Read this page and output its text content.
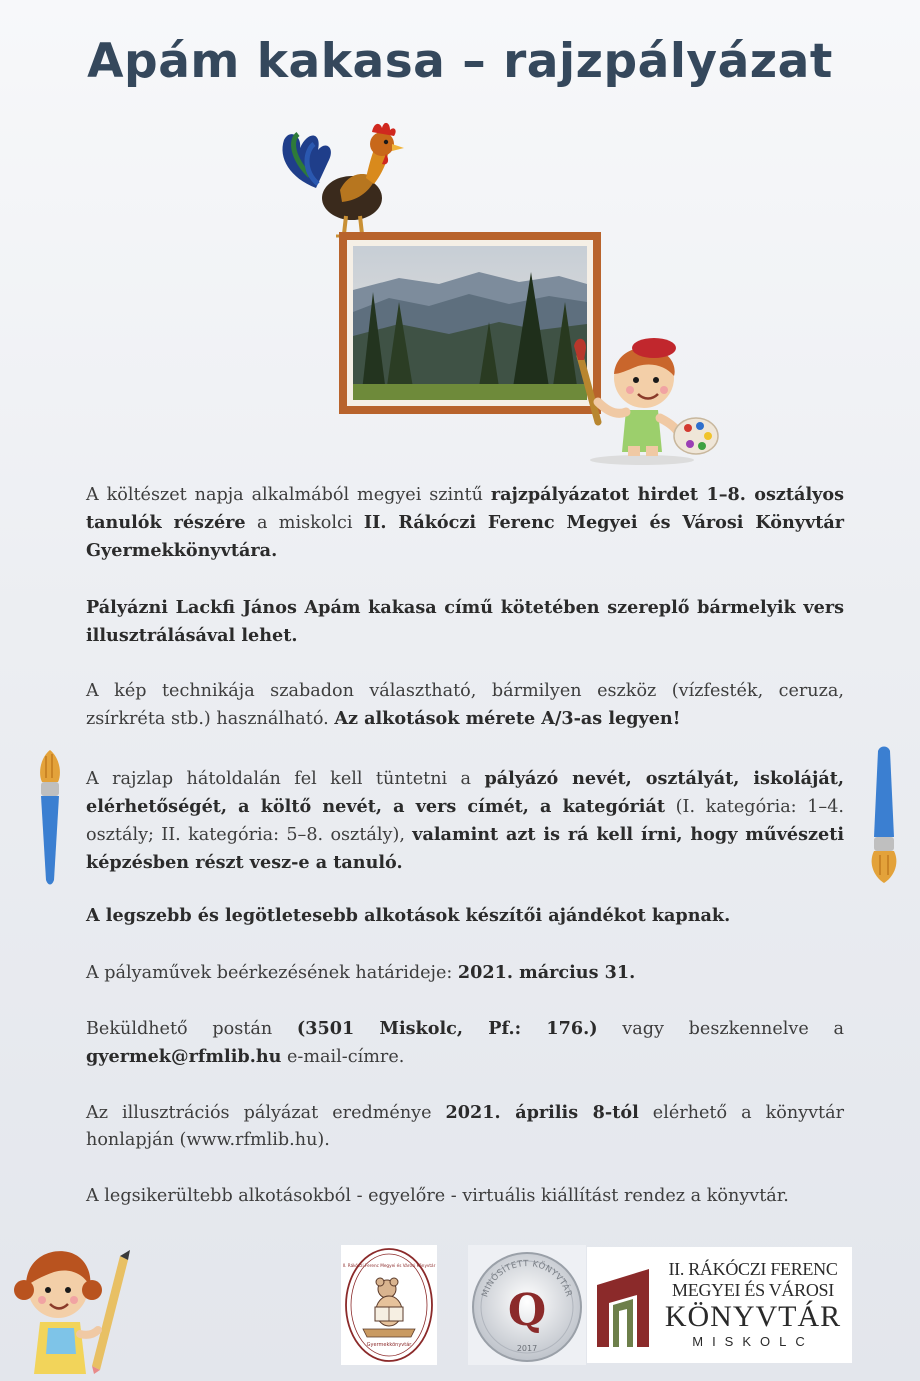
Apám kakasa – rajzpályázat
A költészet napja alkalmából megyei szintű rajzpályázatot hirdet 1–8. osztályos tanulók részére a miskolci II. Rákóczi Ferenc Megyei és Városi Könyvtár Gyermekkönyvtára.
Pályázni Lackfi János Apám kakasa című kötetében szereplő bármelyik vers illusztrálásával lehet.
A kép technikája szabadon választható, bármilyen eszköz (vízfesték, ceruza, zsírkréta stb.) használható. Az alkotások mérete A/3-as legyen!
A rajzlap hátoldalán fel kell tüntetni a pályázó nevét, osztályát, iskoláját, elérhetőségét, a költő nevét, a vers címét, a kategóriát (I. kategória: 1–4. osztály; II. kategória: 5–8. osztály), valamint azt is rá kell írni, hogy művészeti képzésben részt vesz-e a tanuló.
A legszebb és legötletesebb alkotások készítői ajándékot kapnak.
A pályaművek beérkezésének határideje: 2021. március 31.
Beküldhető postán (3501 Miskolc, Pf.: 176.) vagy beszkennelve a gyermek@rfmlib.hu e-mail-címre.
Az illusztrációs pályázat eredménye 2021. április 8-tól elérhető a könyvtár honlapján (www.rfmlib.hu).
A legsikerültebb alkotásokból - egyelőre - virtuális kiállítást rendez a könyvtár.
II. Rákóczi Ferenc Megyei és Városi Könyvtár
Gyermekkönyvtár
MINŐSÍTETT KÖNYVTÁR
Q
2017
II. RÁKÓCZI FERENC
MEGYEI ÉS VÁROSI
KÖNYVTÁR
MISKOLC
